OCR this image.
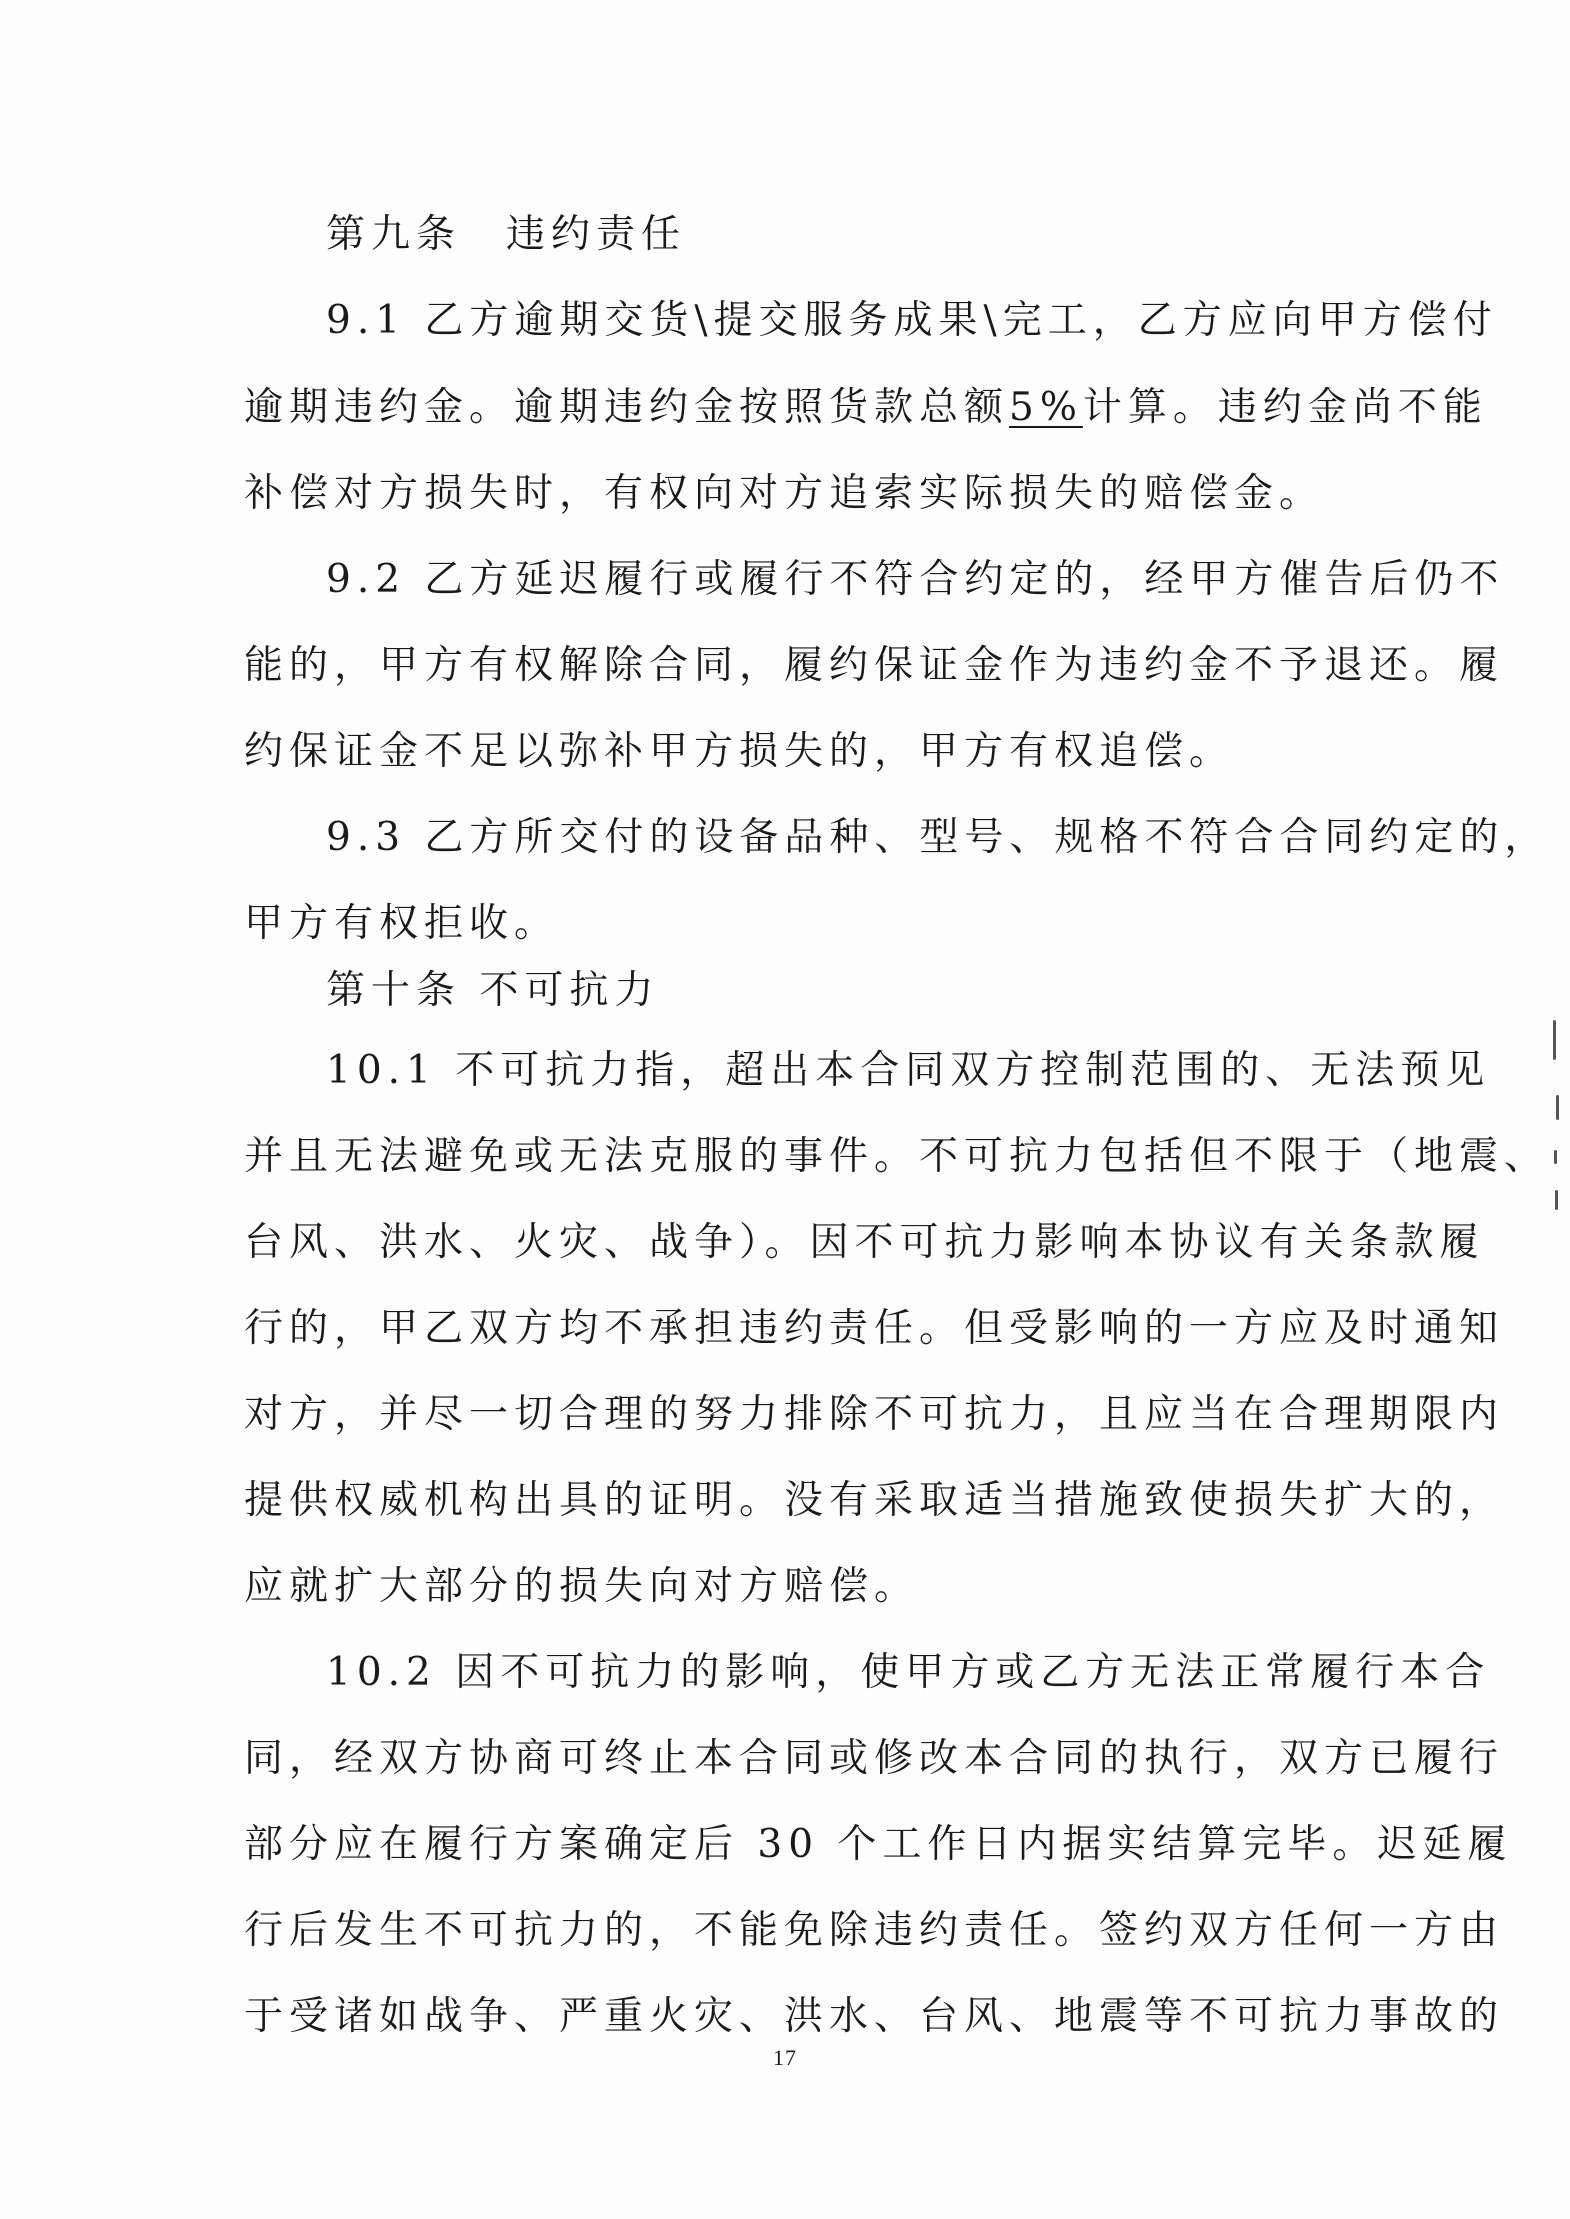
第九条　违约责任
9.1 乙方逾期交货\提交服务成果\完工，乙方应向甲方偿付
逾期违约金。逾期违约金按照货款总额5%计算。违约金尚不能
补偿对方损失时，有权向对方追索实际损失的赔偿金。
9.2 乙方延迟履行或履行不符合约定的，经甲方催告后仍不
能的，甲方有权解除合同，履约保证金作为违约金不予退还。履
约保证金不足以弥补甲方损失的，甲方有权追偿。
9.3 乙方所交付的设备品种、型号、规格不符合合同约定的，
甲方有权拒收。
第十条 不可抗力
10.1 不可抗力指，超出本合同双方控制范围的、无法预见
并且无法避免或无法克服的事件。不可抗力包括但不限于（地震、
台风、洪水、火灾、战争）。因不可抗力影响本协议有关条款履
行的，甲乙双方均不承担违约责任。但受影响的一方应及时通知
对方，并尽一切合理的努力排除不可抗力，且应当在合理期限内
提供权威机构出具的证明。没有采取适当措施致使损失扩大的，
应就扩大部分的损失向对方赔偿。
10.2 因不可抗力的影响，使甲方或乙方无法正常履行本合
同，经双方协商可终止本合同或修改本合同的执行，双方已履行
部分应在履行方案确定后 30 个工作日内据实结算完毕。迟延履
行后发生不可抗力的，不能免除违约责任。签约双方任何一方由
于受诸如战争、严重火灾、洪水、台风、地震等不可抗力事故的
17
